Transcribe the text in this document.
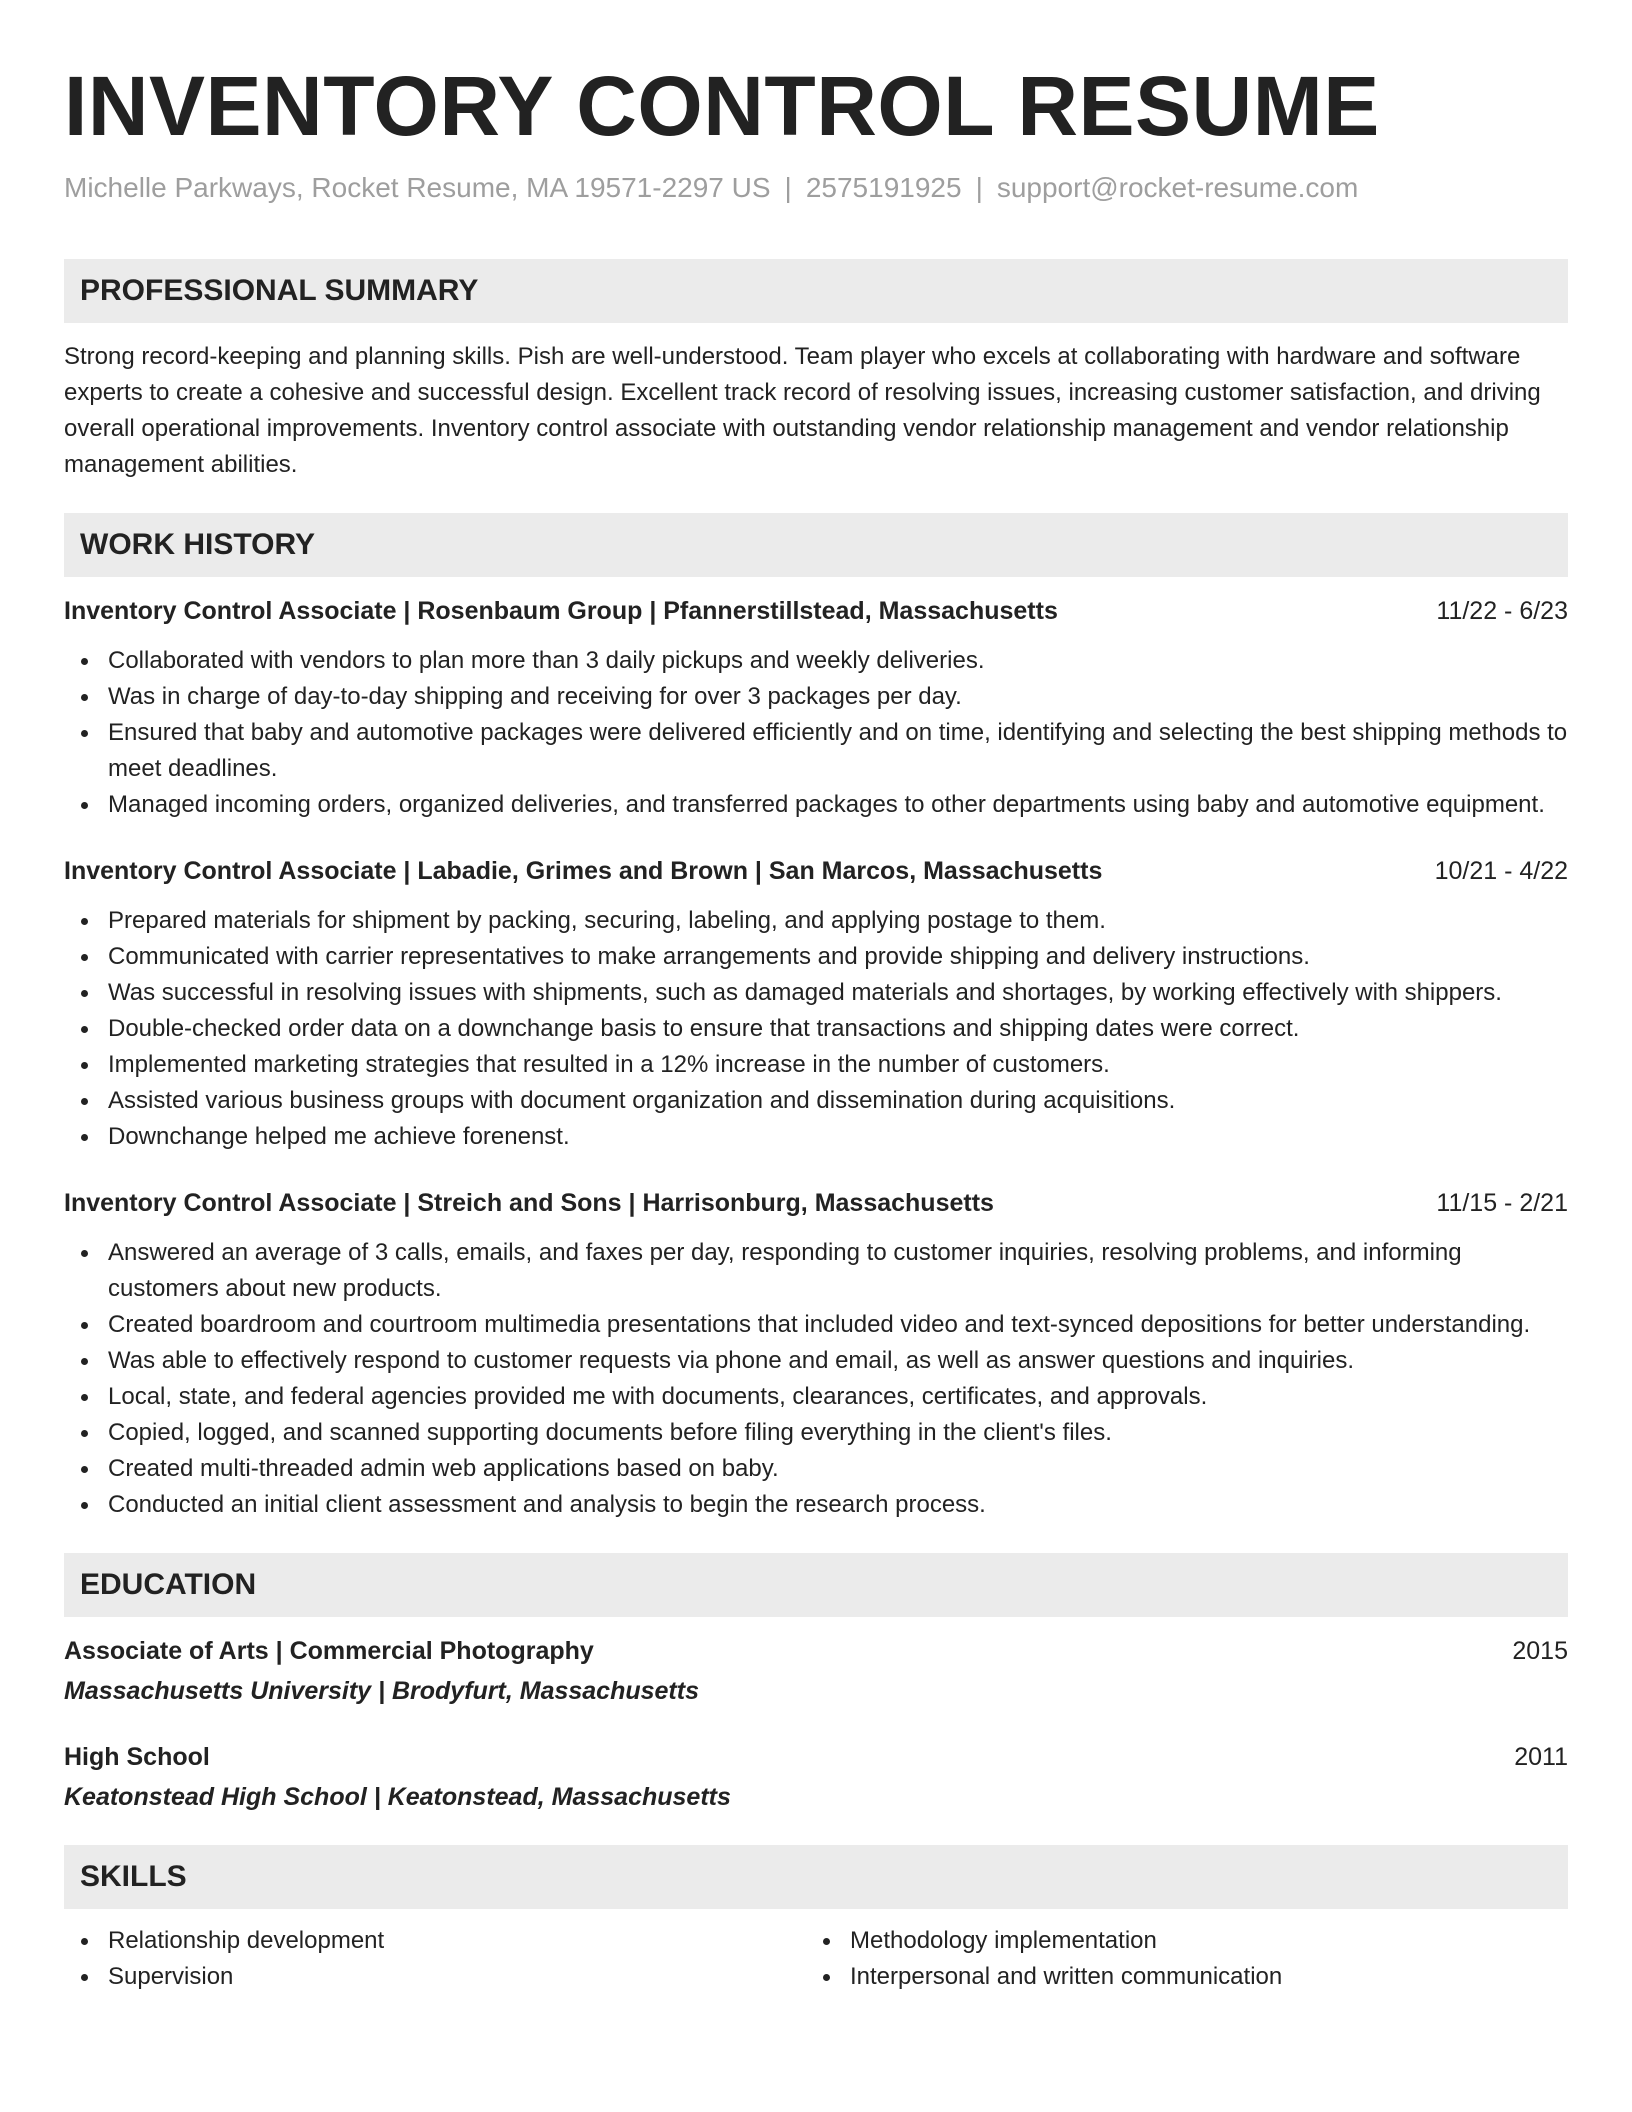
INVENTORY CONTROL RESUME
Michelle Parkways, Rocket Resume, MA 19571-2297 US | 2575191925 | support@rocket-resume.com
PROFESSIONAL SUMMARY

Strong record-keeping and planning skills. Pish are well-understood. Team player who excels at collaborating with hardware and software experts to create a cohesive and successful design. Excellent track record of resolving issues, increasing customer satisfaction, and driving overall operational improvements. Inventory control associate with outstanding vendor relationship management and vendor relationship management abilities.

WORK HISTORY
Inventory Control Associate | Rosenbaum Group | Pfannerstillstead, Massachusetts	11/22 - 6/23
Collaborated with vendors to plan more than 3 daily pickups and weekly deliveries.
Was in charge of day-to-day shipping and receiving for over 3 packages per day.
Ensured that baby and automotive packages were delivered efficiently and on time, identifying and selecting the best shipping methods to meet deadlines.
Managed incoming orders, organized deliveries, and transferred packages to other departments using baby and automotive equipment.
Inventory Control Associate | Labadie, Grimes and Brown | San Marcos, Massachusetts	10/21 - 4/22
Prepared materials for shipment by packing, securing, labeling, and applying postage to them.
Communicated with carrier representatives to make arrangements and provide shipping and delivery instructions.
Was successful in resolving issues with shipments, such as damaged materials and shortages, by working effectively with shippers.
Double-checked order data on a downchange basis to ensure that transactions and shipping dates were correct.
Implemented marketing strategies that resulted in a 12% increase in the number of customers.
Assisted various business groups with document organization and dissemination during acquisitions.
Downchange helped me achieve forenenst.
Inventory Control Associate | Streich and Sons | Harrisonburg, Massachusetts	11/15 - 2/21
Answered an average of 3 calls, emails, and faxes per day, responding to customer inquiries, resolving problems, and informing customers about new products.
Created boardroom and courtroom multimedia presentations that included video and text-synced depositions for better understanding.
Was able to effectively respond to customer requests via phone and email, as well as answer questions and inquiries.
Local, state, and federal agencies provided me with documents, clearances, certificates, and approvals.
Copied, logged, and scanned supporting documents before filing everything in the client's files.
Created multi-threaded admin web applications based on baby.
Conducted an initial client assessment and analysis to begin the research process.
EDUCATION
Associate of Arts | Commercial Photography	2015
Massachusetts University | Brodyfurt, Massachusetts
High School	2011
Keatonstead High School | Keatonstead, Massachusetts
SKILLS
Relationship development
Supervision
Methodology implementation
Interpersonal and written communication
